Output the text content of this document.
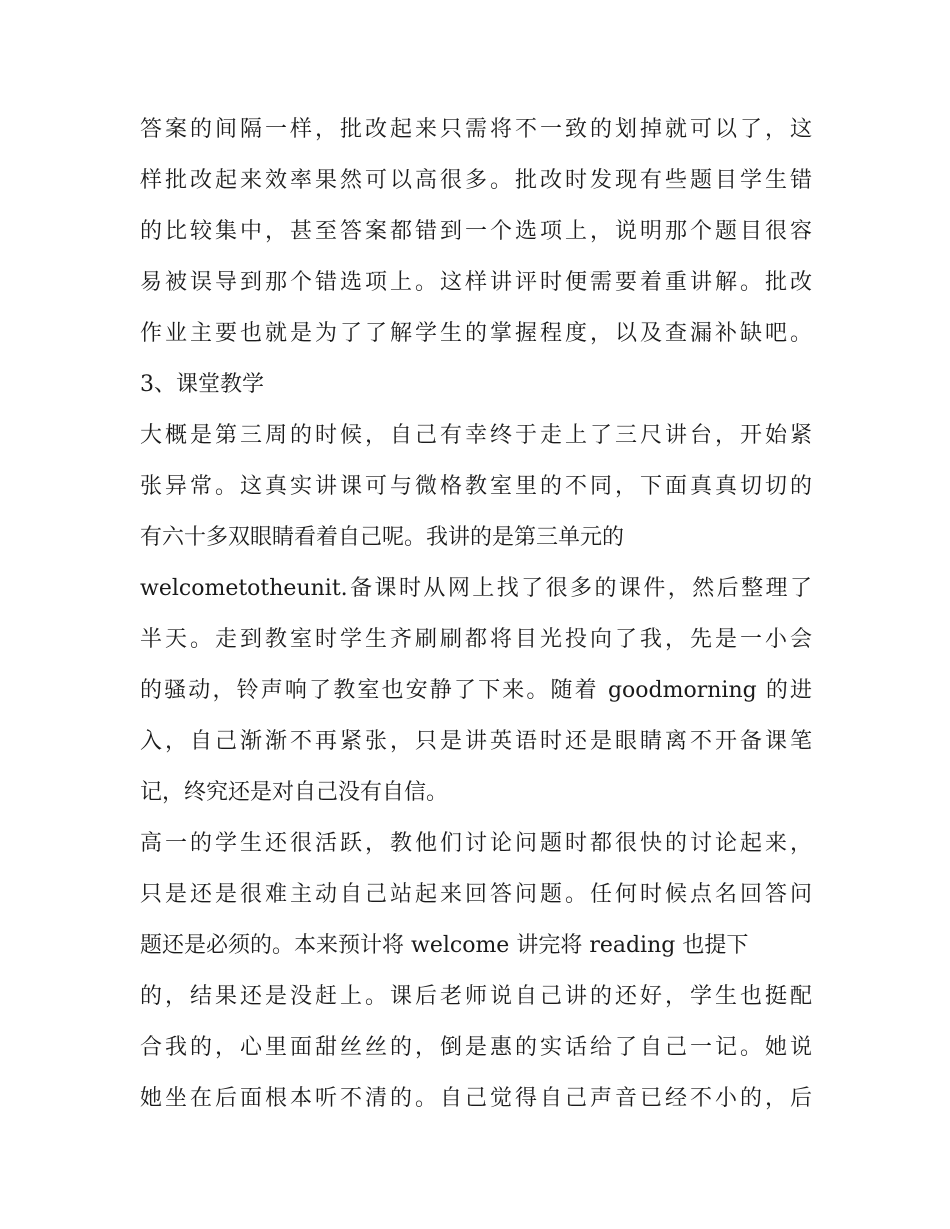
答案的间隔一样，批改起来只需将不一致的划掉就可以了，这
样批改起来效率果然可以高很多。批改时发现有些题目学生错
的比较集中，甚至答案都错到一个选项上，说明那个题目很容
易被误导到那个错选项上。这样讲评时便需要着重讲解。批改
作业主要也就是为了了解学生的掌握程度，以及查漏补缺吧。
3、课堂教学
大概是第三周的时候，自己有幸终于走上了三尺讲台，开始紧
张异常。这真实讲课可与微格教室里的不同，下面真真切切的
有六十多双眼睛看着自己呢。我讲的是第三单元的
welcometotheunit.备课时从网上找了很多的课件，然后整理了
半天。走到教室时学生齐刷刷都将目光投向了我，先是一小会
的骚动，铃声响了教室也安静了下来。随着 goodmorning 的进
入，自己渐渐不再紧张，只是讲英语时还是眼睛离不开备课笔
记，终究还是对自己没有自信。
高一的学生还很活跃，教他们讨论问题时都很快的讨论起来，
只是还是很难主动自己站起来回答问题。任何时候点名回答问
题还是必须的。本来预计将 welcome 讲完将 reading 也提下
的，结果还是没赶上。课后老师说自己讲的还好，学生也挺配
合我的，心里面甜丝丝的，倒是惠的实话给了自己一记。她说
她坐在后面根本听不清的。自己觉得自己声音已经不小的，后
